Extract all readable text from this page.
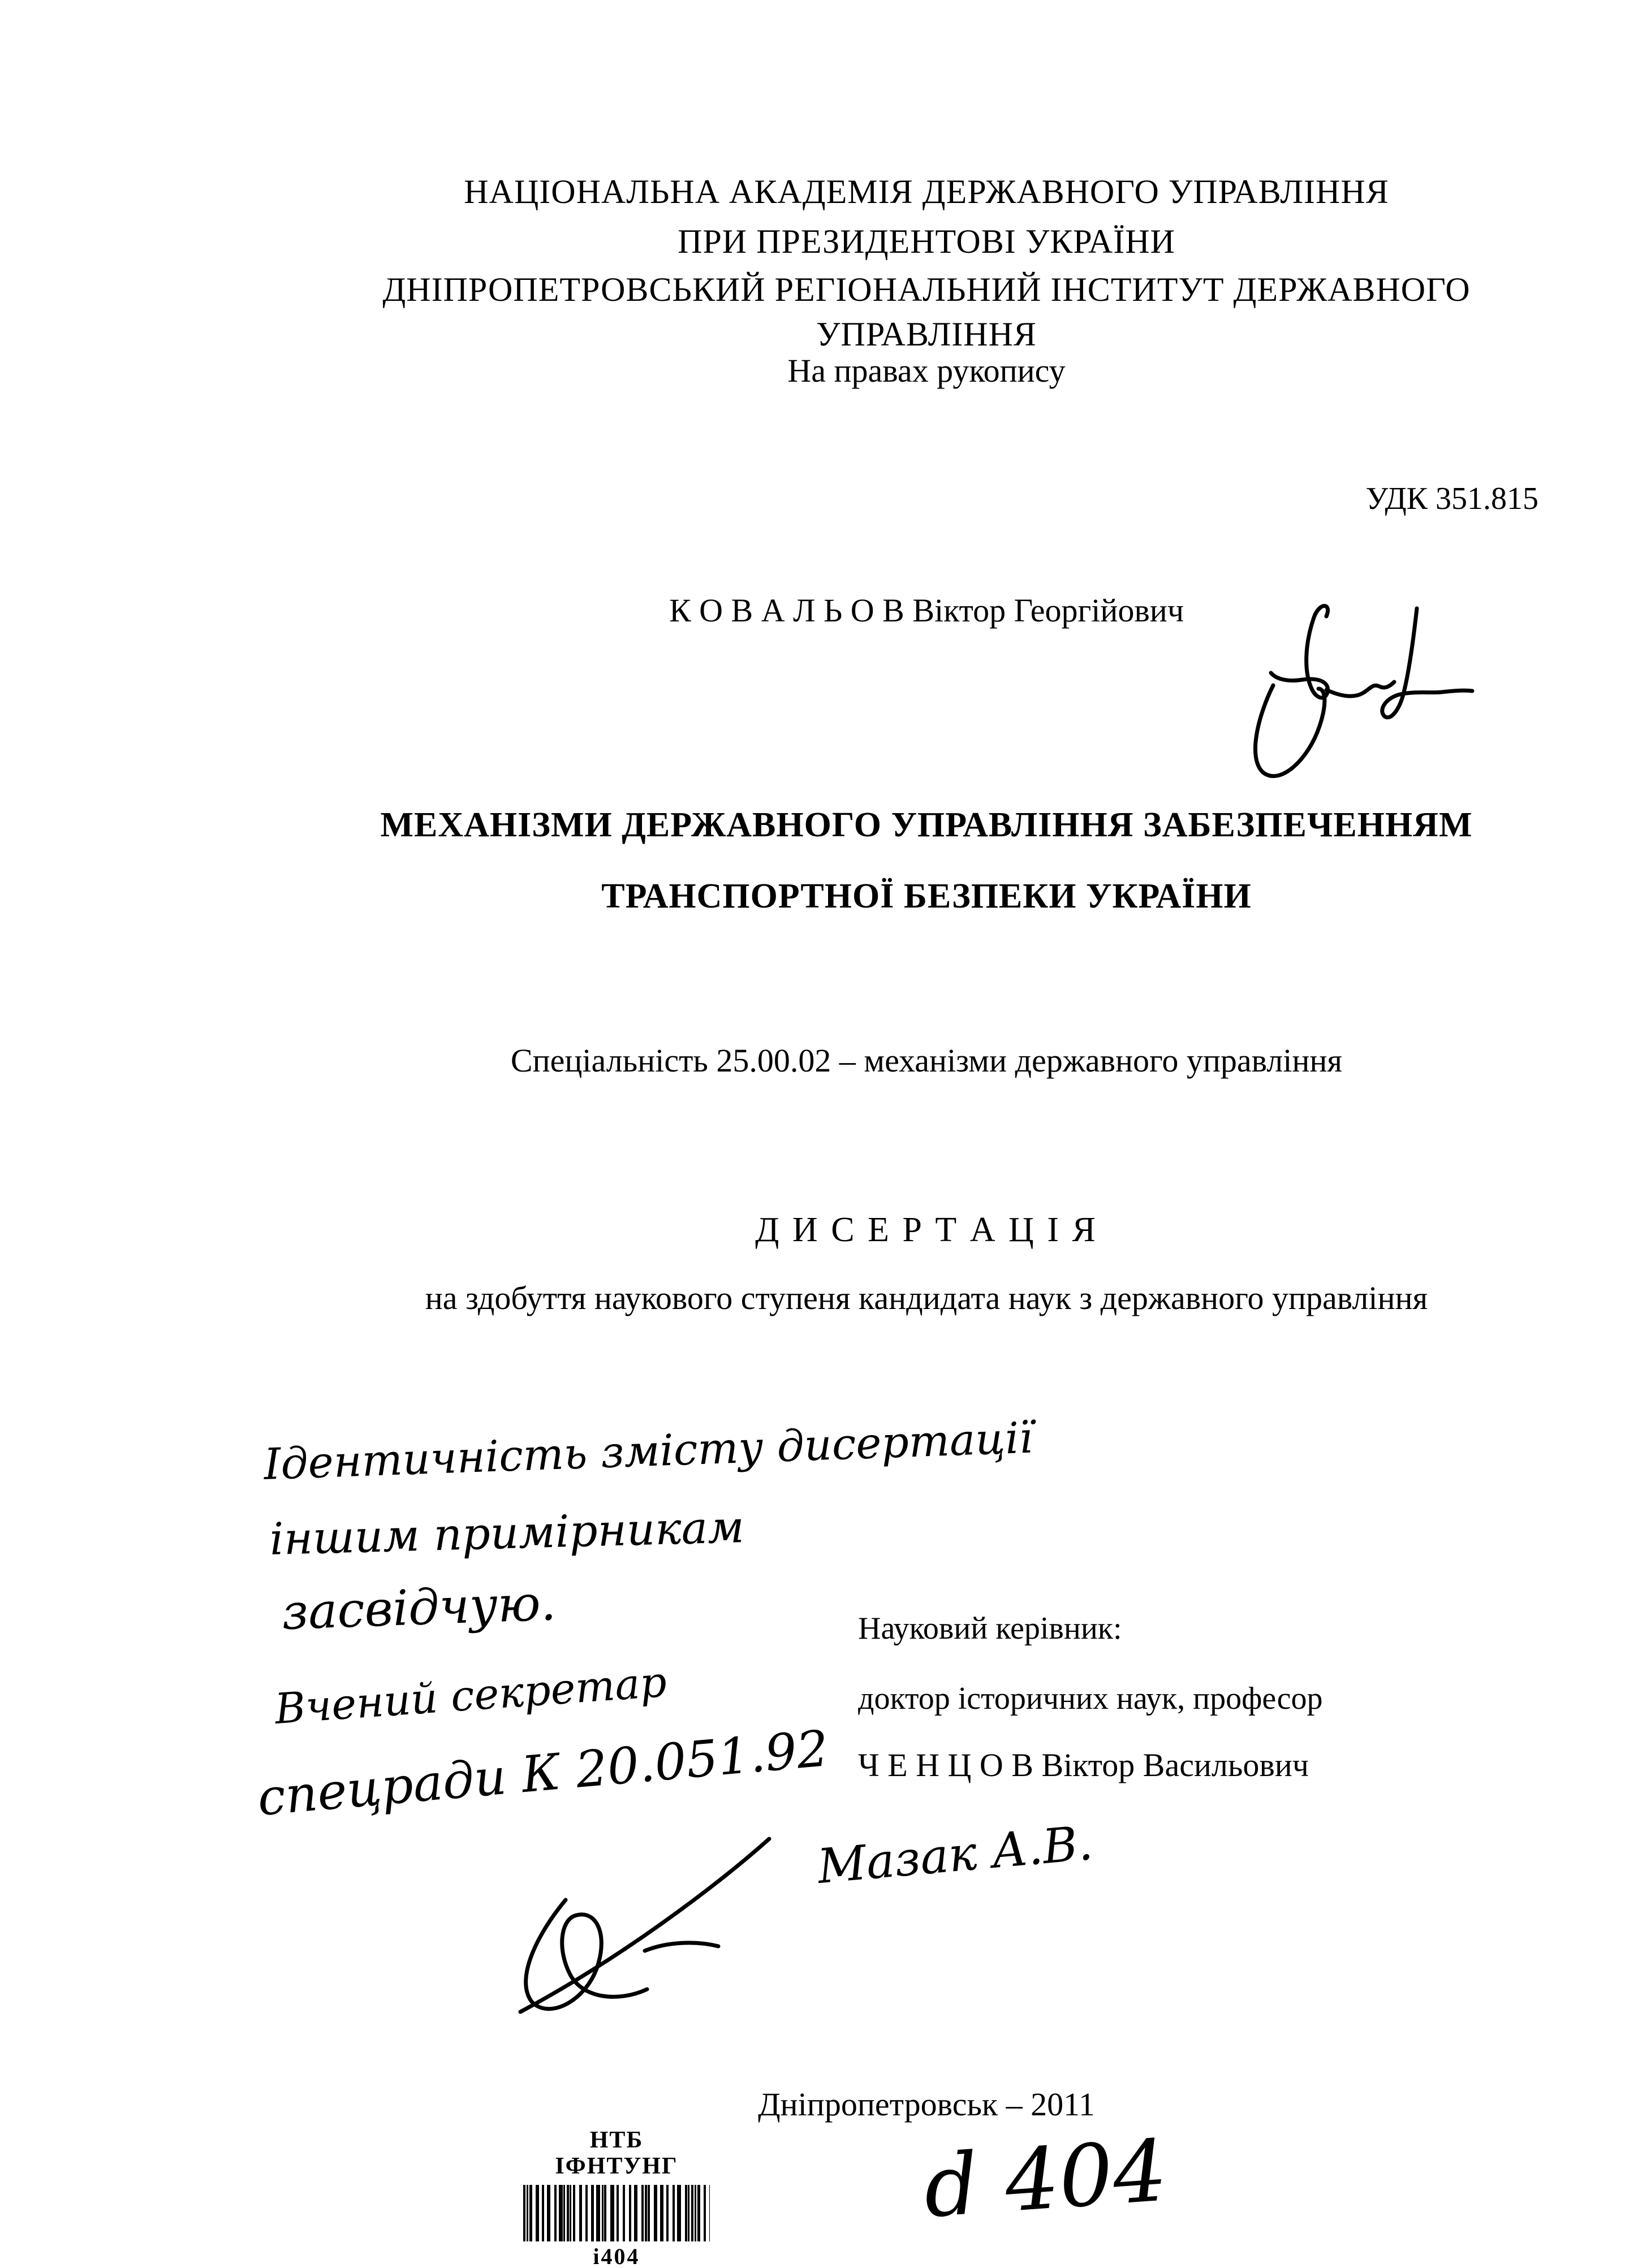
НАЦІОНАЛЬНА АКАДЕМІЯ ДЕРЖАВНОГО УПРАВЛІННЯ
ПРИ ПРЕЗИДЕНТОВІ УКРАЇНИ
ДНІПРОПЕТРОВСЬКИЙ РЕГІОНАЛЬНИЙ ІНСТИТУТ ДЕРЖАВНОГО
УПРАВЛІННЯ
На правах рукопису
УДК 351.815
К О В А Л Ь О В Віктор Георгійович
МЕХАНІЗМИ ДЕРЖАВНОГО УПРАВЛІННЯ ЗАБЕЗПЕЧЕННЯМ
ТРАНСПОРТНОЇ БЕЗПЕКИ УКРАЇНИ
Спеціальність 25.00.02 – механізми державного управління
Д И С Е Р Т А Ц І Я
на здобуття наукового ступеня кандидата наук з державного управління
Ідентичність змісту дисертації
іншим примірникам
засвідчую.	Науковий керівник:
доктор історичних наук, професор
Ч Е Н Ц О В Віктор Васильович
Вчений секретар
спецради К 20.051.92
Мазак А.В.
Дніпропетровськ – 2011
НТБ
ІФНТУНГ
і404
d 404
